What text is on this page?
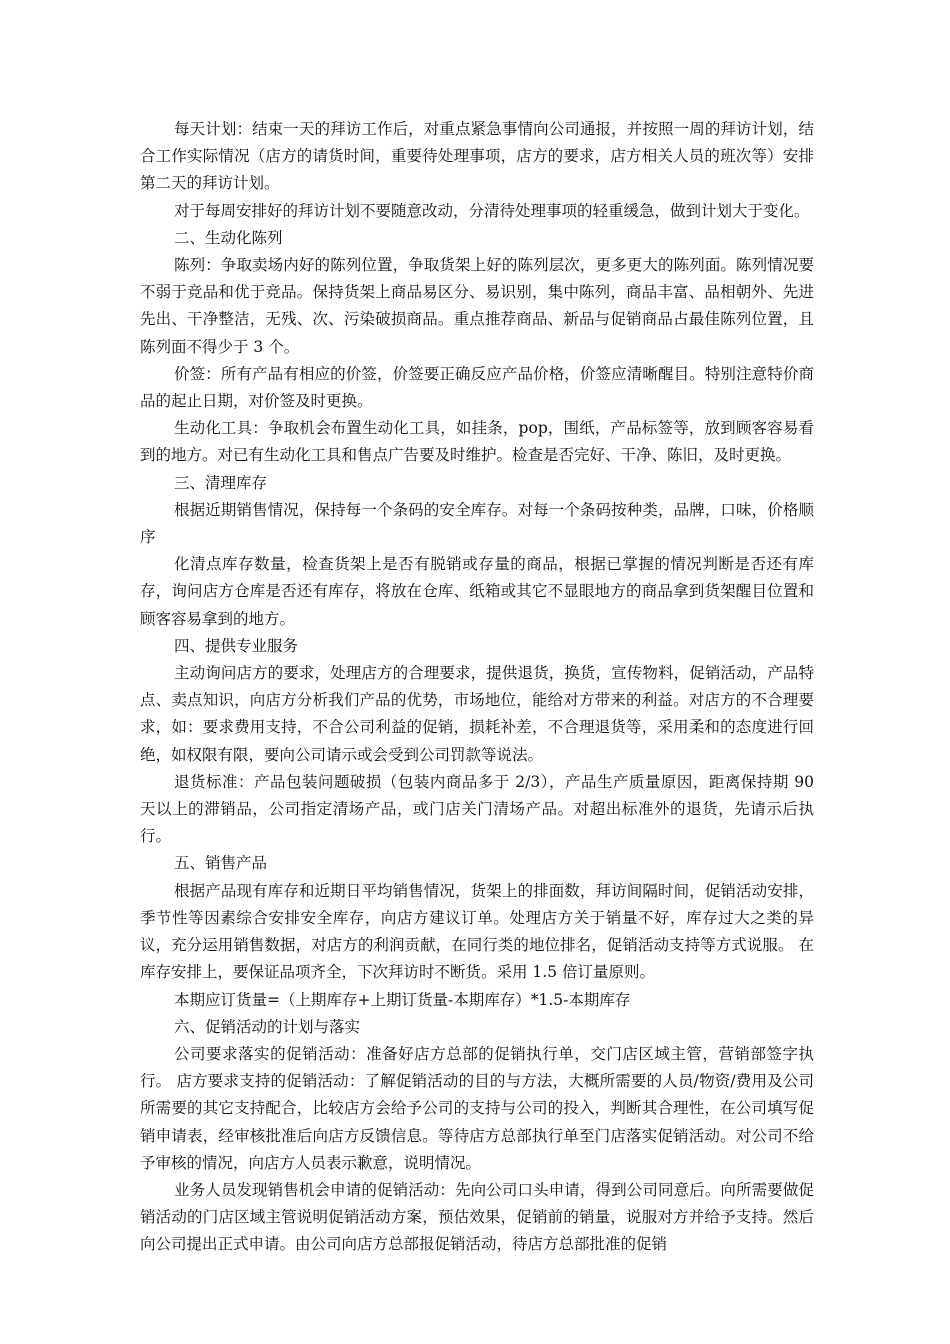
每天计划：结束一天的拜访工作后，对重点紧急事情向公司通报，并按照一周的拜访计划，结合工作实际情况（店方的请货时间，重要待处理事项，店方的要求，店方相关人员的班次等）安排第二天的拜访计划。

对于每周安排好的拜访计划不要随意改动，分清待处理事项的轻重缓急，做到计划大于变化。

二、生动化陈列

陈列：争取卖场内好的陈列位置，争取货架上好的陈列层次，更多更大的陈列面。陈列情况要不弱于竞品和优于竞品。保持货架上商品易区分、易识别，集中陈列，商品丰富、品相朝外、先进先出、干净整洁，无残、次、污染破损商品。重点推荐商品、新品与促销商品占最佳陈列位置，且陈列面不得少于 3 个。

价签：所有产品有相应的价签，价签要正确反应产品价格，价签应清晰醒目。特别注意特价商品的起止日期，对价签及时更换。

生动化工具：争取机会布置生动化工具，如挂条，pop，围纸，产品标签等，放到顾客容易看到的地方。对已有生动化工具和售点广告要及时维护。检查是否完好、干净、陈旧，及时更换。

三、清理库存

根据近期销售情况，保持每一个条码的安全库存。对每一个条码按种类，品牌，口味，价格顺序

化清点库存数量，检查货架上是否有脱销或存量的商品，根据已掌握的情况判断是否还有库存，询问店方仓库是否还有库存，将放在仓库、纸箱或其它不显眼地方的商品拿到货架醒目位置和顾客容易拿到的地方。

四、提供专业服务

主动询问店方的要求，处理店方的合理要求，提供退货，换货，宣传物料，促销活动，产品特点、卖点知识，向店方分析我们产品的优势，市场地位，能给对方带来的利益。对店方的不合理要求，如：要求费用支持，不合公司利益的促销，损耗补差，不合理退货等，采用柔和的态度进行回绝，如权限有限，要向公司请示或会受到公司罚款等说法。

退货标准：产品包装问题破损（包装内商品多于 2/3），产品生产质量原因，距离保持期 90 天以上的滞销品，公司指定清场产品，或门店关门清场产品。对超出标准外的退货，先请示后执行。

五、销售产品

根据产品现有库存和近期日平均销售情况，货架上的排面数，拜访间隔时间，促销活动安排，季节性等因素综合安排安全库存，向店方建议订单。处理店方关于销量不好，库存过大之类的异议，充分运用销售数据，对店方的利润贡献，在同行类的地位排名，促销活动支持等方式说服。 在库存安排上，要保证品项齐全，下次拜访时不断货。采用 1.5 倍订量原则。

本期应订货量=（上期库存+上期订货量-本期库存）*1.5-本期库存

六、促销活动的计划与落实

公司要求落实的促销活动：准备好店方总部的促销执行单，交门店区域主管，营销部签字执行。 店方要求支持的促销活动：了解促销活动的目的与方法，大概所需要的人员/物资/费用及公司所需要的其它支持配合，比较店方会给予公司的支持与公司的投入，判断其合理性，在公司填写促销申请表，经审核批准后向店方反馈信息。等待店方总部执行单至门店落实促销活动。对公司不给予审核的情况，向店方人员表示歉意，说明情况。

业务人员发现销售机会申请的促销活动：先向公司口头申请，得到公司同意后。向所需要做促销活动的门店区域主管说明促销活动方案，预估效果，促销前的销量，说服对方并给予支持。然后向公司提出正式申请。由公司向店方总部报促销活动，待店方总部批准的促销
